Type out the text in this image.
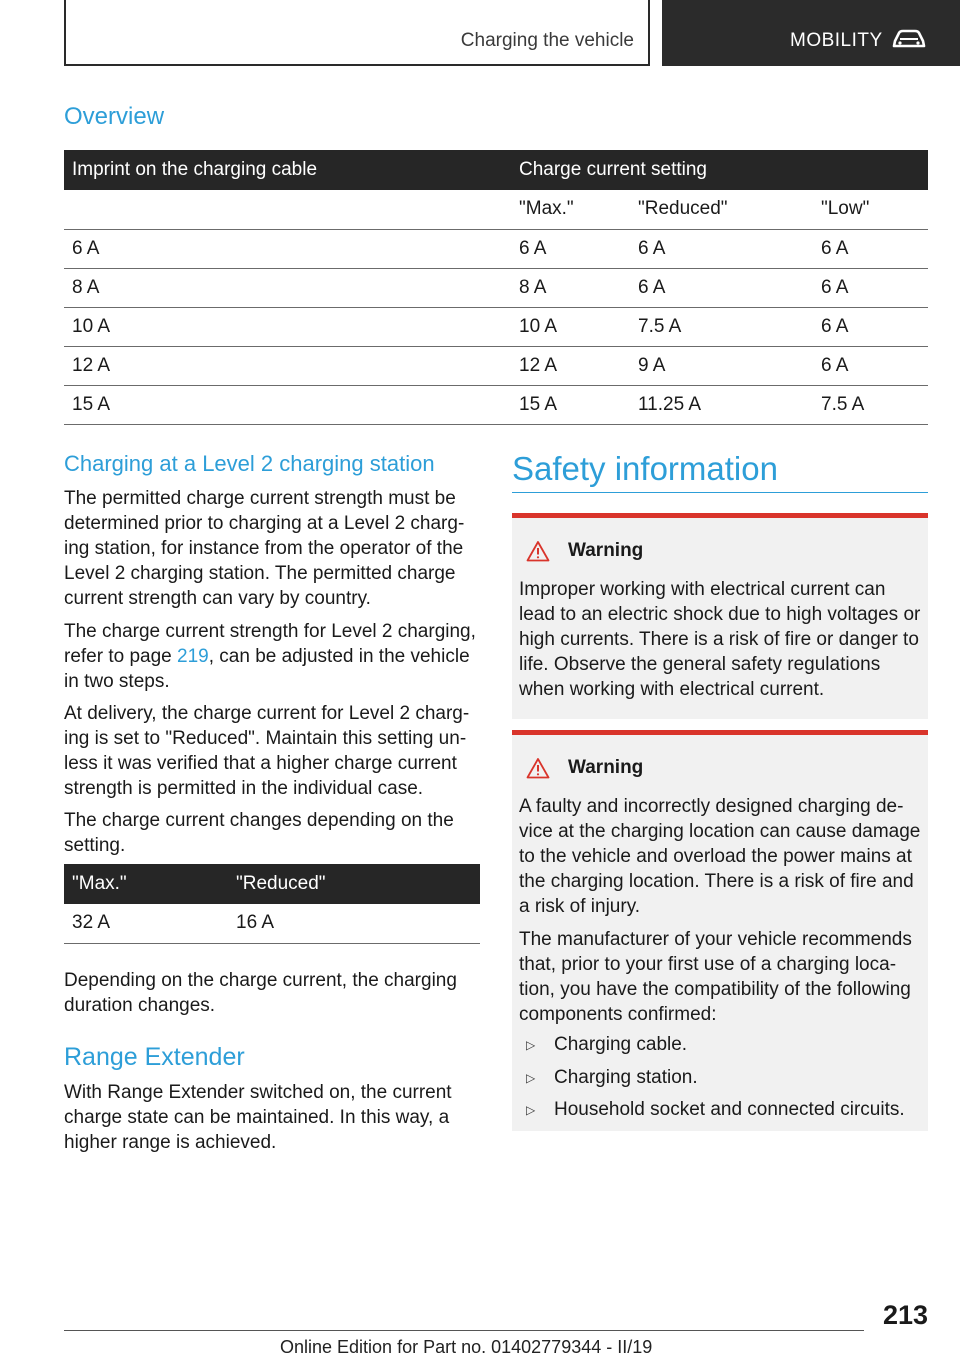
Charging the vehicle	MOBILITY
Overview
Imprint on the charging cable	Charge current setting		
	"Max."	"Reduced"	"Low"
6 A	6 A	6 A	6 A
8 A	8 A	6 A	6 A
10 A	10 A	7.5 A	6 A
12 A	12 A	9 A	6 A
15 A	15 A	11.25 A	7.5 A
Charging at a Level 2 charging station

The permitted charge current strength must be determined prior to charging at a Level 2 charging station, for instance from the operator of the Level 2 charging station. The permitted charge current strength can vary by country.

The charge current strength for Level 2 charging, refer to page 219, can be adjusted in the vehicle in two steps.

At delivery, the charge current for Level 2 charging is set to "Reduced". Maintain this setting unless it was verified that a higher charge current strength is permitted in the individual case.

The charge current changes depending on the setting.

"Max."	"Reduced"
32 A	16 A

Depending on the charge current, the charging duration changes.

Range Extender

With Range Extender switched on, the current charge state can be maintained. In this way, a higher range is achieved.

Safety information
Warning

Improper working with electrical current can lead to an electric shock due to high voltages or high currents. There is a risk of fire or danger to life. Observe the general safety regulations when working with electrical current.

Warning

A faulty and incorrectly designed charging device at the charging location can cause damage to the vehicle and overload the power mains at the charging location. There is a risk of fire and a risk of injury.

The manufacturer of your vehicle recommends that, prior to your first use of a charging location, you have the compatibility of the following components confirmed:

▷ Charging cable.
▷ Charging station.
▷ Household socket and connected circuits.
213
Online Edition for Part no. 01402779344 - II/19
